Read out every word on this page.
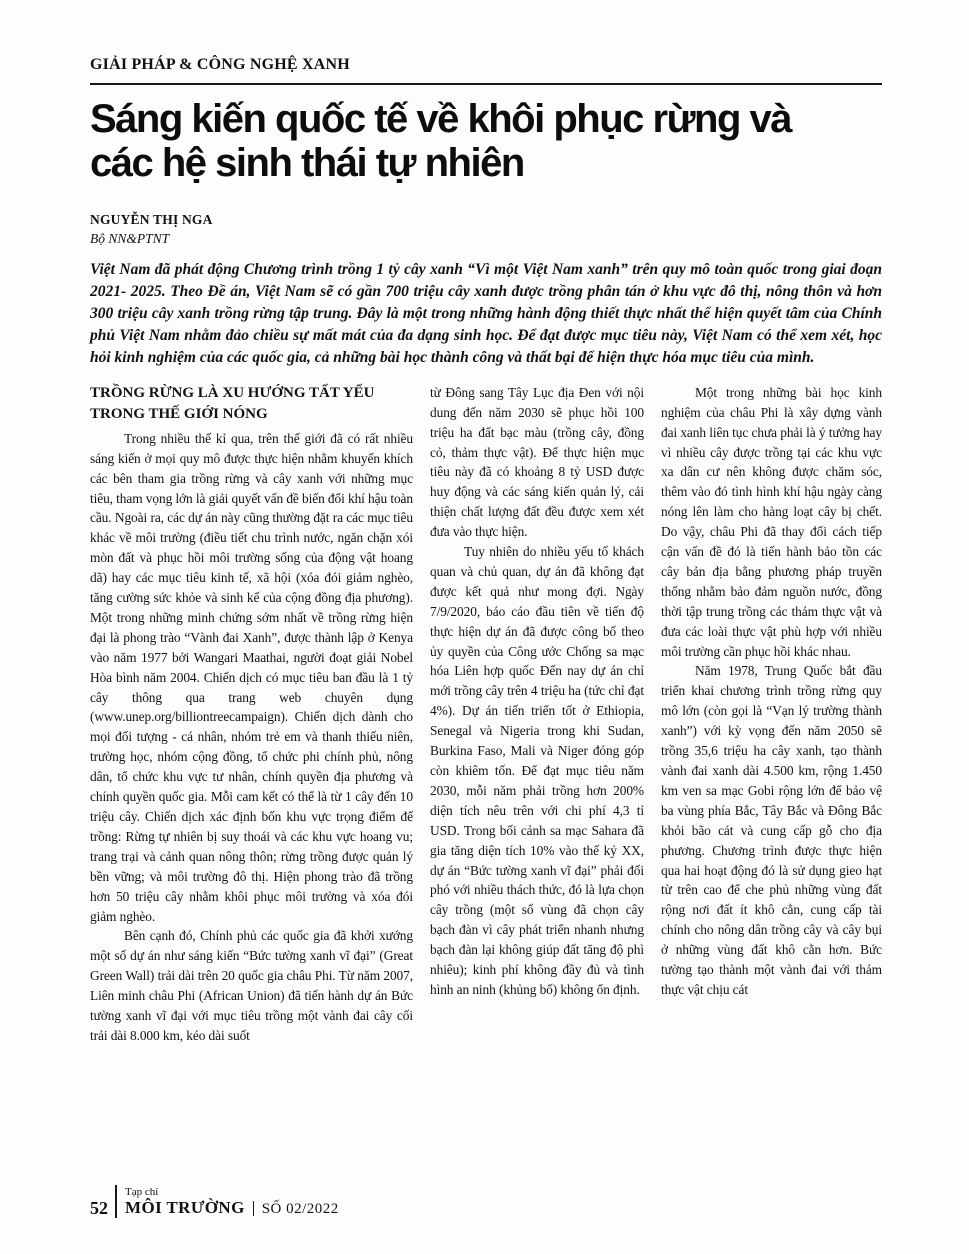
GIẢI PHÁP & CÔNG NGHỆ XANH
Sáng kiến quốc tế về khôi phục rừng và
các hệ sinh thái tự nhiên
NGUYỄN THỊ NGA
Bộ NN&PTNT
Việt Nam đã phát động Chương trình trồng 1 tỷ cây xanh “Vì một Việt Nam xanh” trên quy mô toàn quốc trong giai đoạn 2021- 2025. Theo Đề án, Việt Nam sẽ có gần 700 triệu cây xanh được trồng phân tán ở khu vực đô thị, nông thôn và hơn 300 triệu cây xanh trồng rừng tập trung. Đây là một trong những hành động thiết thực nhất thể hiện quyết tâm của Chính phủ Việt Nam nhằm đảo chiều sự mất mát của đa dạng sinh học. Để đạt được mục tiêu này, Việt Nam có thể xem xét, học hỏi kinh nghiệm của các quốc gia, cả những bài học thành công và thất bại để hiện thực hóa mục tiêu của mình.
TRỒNG RỪNG LÀ XU HƯỚNG TẤT YẾU TRONG THẾ GIỚI NÓNG

Trong nhiều thế kỉ qua, trên thế giới đã có rất nhiều sáng kiến ở mọi quy mô được thực hiện nhằm khuyến khích các bên tham gia trồng rừng và cây xanh với những mục tiêu, tham vọng lớn là giải quyết vấn đề biến đổi khí hậu toàn cầu. Ngoài ra, các dự án này cũng thường đặt ra các mục tiêu khác về môi trường (điều tiết chu trình nước, ngăn chặn xói mòn đất và phục hồi môi trường sống của động vật hoang dã) hay các mục tiêu kinh tế, xã hội (xóa đói giảm nghèo, tăng cường sức khỏe và sinh kế của cộng đồng địa phương). Một trong những minh chứng sớm nhất về trồng rừng hiện đại là phong trào “Vành đai Xanh”, được thành lập ở Kenya vào năm 1977 bởi Wangari Maathai, người đoạt giải Nobel Hòa bình năm 2004. Chiến dịch có mục tiêu ban đầu là 1 tỷ cây thông qua trang web chuyên dụng (www.unep.org/billiontreecampaign). Chiến dịch dành cho mọi đối tượng - cá nhân, nhóm trẻ em và thanh thiếu niên, trường học, nhóm cộng đồng, tổ chức phi chính phủ, nông dân, tổ chức khu vực tư nhân, chính quyền địa phương và chính quyền quốc gia. Mỗi cam kết có thể là từ 1 cây đến 10 triệu cây. Chiến dịch xác định bốn khu vực trọng điểm để trồng: Rừng tự nhiên bị suy thoái và các khu vực hoang vu; trang trại và cảnh quan nông thôn; rừng trồng được quản lý bền vững; và môi trường đô thị. Hiện phong trào đã trồng hơn 50 triệu cây nhằm khôi phục môi trường và xóa đói giảm nghèo.

Bên cạnh đó, Chính phủ các quốc gia đã khởi xướng một số dự án như sáng kiến “Bức tường xanh vĩ đại” (Great Green Wall) trải dài trên 20 quốc gia châu Phi. Từ năm 2007, Liên minh châu Phi (African Union) đã tiến hành dự án Bức tường xanh vĩ đại với mục tiêu trồng một vành đai cây cối trải dài 8.000 km, kéo dài suốt

từ Đông sang Tây Lục địa Đen với nội dung đến năm 2030 sẽ phục hồi 100 triệu ha đất bạc màu (trồng cây, đồng cỏ, thảm thực vật). Để thực hiện mục tiêu này đã có khoảng 8 tỷ USD được huy động và các sáng kiến quản lý, cải thiện chất lượng đất đều được xem xét đưa vào thực hiện.

Tuy nhiên do nhiều yếu tố khách quan và chủ quan, dự án đã không đạt được kết quả như mong đợi. Ngày 7/9/2020, báo cáo đầu tiên về tiến độ thực hiện dự án đã được công bố theo ủy quyền của Công ước Chống sa mạc hóa Liên hợp quốc Đến nay dự án chỉ mới trồng cây trên 4 triệu ha (tức chỉ đạt 4%). Dự án tiến triển tốt ở Ethiopia, Senegal và Nigeria trong khi Sudan, Burkina Faso, Mali và Niger đóng góp còn khiêm tốn. Để đạt mục tiêu năm 2030, mỗi năm phải trồng hơn 200% diện tích nêu trên với chi phí 4,3 tỉ USD. Trong bối cảnh sa mạc Sahara đã gia tăng diện tích 10% vào thế kỷ XX, dự án “Bức tường xanh vĩ đại” phải đối phó với nhiều thách thức, đó là lựa chọn cây trồng (một số vùng đã chọn cây bạch đàn vì cây phát triển nhanh nhưng bạch đàn lại không giúp đất tăng độ phì nhiêu); kinh phí không đầy đủ và tình hình an ninh (khủng bố) không ổn định.

Một trong những bài học kinh nghiệm của châu Phi là xây dựng vành đai xanh liên tục chưa phải là ý tưởng hay vì nhiều cây được trồng tại các khu vực xa dân cư nên không được chăm sóc, thêm vào đó tình hình khí hậu ngày càng nóng lên làm cho hàng loạt cây bị chết. Do vậy, châu Phi đã thay đổi cách tiếp cận vấn đề đó là tiến hành bảo tồn các cây bản địa bằng phương pháp truyền thống nhằm bảo đảm nguồn nước, đồng thời tập trung trồng các thảm thực vật và đưa các loài thực vật phù hợp với nhiều môi trường cần phục hồi khác nhau.

Năm 1978, Trung Quốc bắt đầu triển khai chương trình trồng rừng quy mô lớn (còn gọi là “Vạn lý trường thành xanh”) với kỳ vọng đến năm 2050 sẽ trồng 35,6 triệu ha cây xanh, tạo thành vành đai xanh dài 4.500 km, rộng 1.450 km ven sa mạc Gobi rộng lớn để bảo vệ ba vùng phía Bắc, Tây Bắc và Đông Bắc khỏi bão cát và cung cấp gỗ cho địa phương. Chương trình được thực hiện qua hai hoạt động đó là sử dụng gieo hạt từ trên cao để che phủ những vùng đất rộng nơi đất ít khô cằn, cung cấp tài chính cho nông dân trồng cây và cây bụi ở những vùng đất khô cằn hơn. Bức tường tạo thành một vành đai với thảm thực vật chịu cát

52
Tạp chí
MÔI TRƯỜNG SỐ 02/2022
